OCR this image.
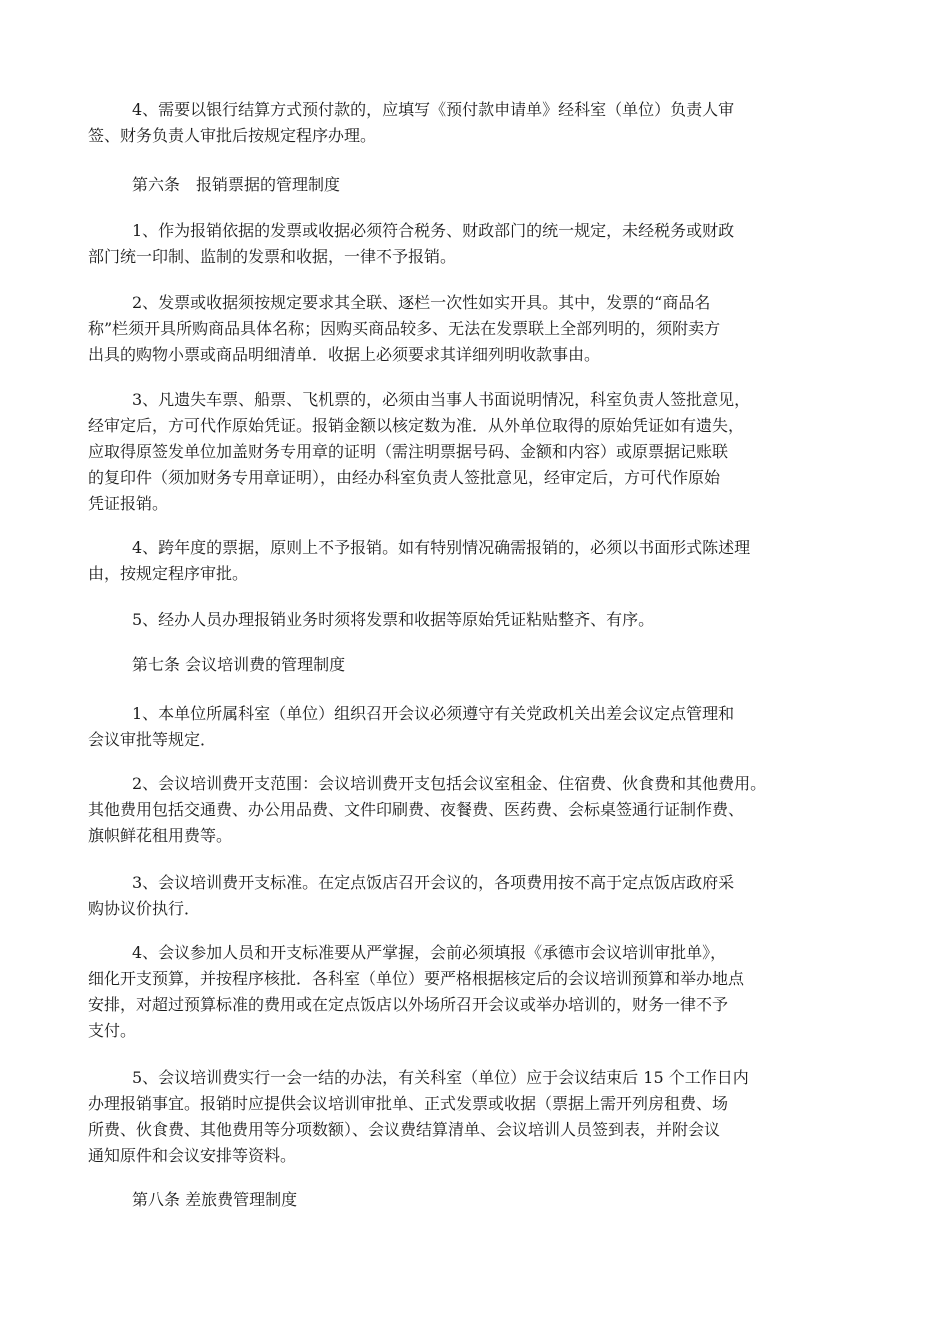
4、需要以银行结算方式预付款的，应填写《预付款申请单》经科室（单位）负责人审
签、财务负责人审批后按规定程序办理。
第六条　报销票据的管理制度
1、作为报销依据的发票或收据必须符合税务、财政部门的统一规定，未经税务或财政
部门统一印制、监制的发票和收据，一律不予报销。
2、发票或收据须按规定要求其全联、逐栏一次性如实开具。其中，发票的“商品名
称”栏须开具所购商品具体名称；因购买商品较多、无法在发票联上全部列明的，须附卖方
出具的购物小票或商品明细清单．收据上必须要求其详细列明收款事由。
3、凡遗失车票、船票、飞机票的，必须由当事人书面说明情况，科室负责人签批意见，
经审定后，方可代作原始凭证。报销金额以核定数为准．从外单位取得的原始凭证如有遗失，
应取得原签发单位加盖财务专用章的证明（需注明票据号码、金额和内容）或原票据记账联
的复印件（须加财务专用章证明），由经办科室负责人签批意见，经审定后，方可代作原始
凭证报销。
4、跨年度的票据，原则上不予报销。如有特别情况确需报销的，必须以书面形式陈述理
由，按规定程序审批。
5、经办人员办理报销业务时须将发票和收据等原始凭证粘贴整齐、有序。
第七条 会议培训费的管理制度
1、本单位所属科室（单位）组织召开会议必须遵守有关党政机关出差会议定点管理和
会议审批等规定．
2、会议培训费开支范围：会议培训费开支包括会议室租金、住宿费、伙食费和其他费用。
其他费用包括交通费、办公用品费、文件印刷费、夜餐费、医药费、会标桌签通行证制作费、
旗帜鲜花租用费等。
3、会议培训费开支标准。在定点饭店召开会议的，各项费用按不高于定点饭店政府采
购协议价执行．
4、会议参加人员和开支标准要从严掌握，会前必须填报《承德市会议培训审批单》，
细化开支预算，并按程序核批．各科室（单位）要严格根据核定后的会议培训预算和举办地点
安排，对超过预算标准的费用或在定点饭店以外场所召开会议或举办培训的，财务一律不予
支付。
5、会议培训费实行一会一结的办法，有关科室（单位）应于会议结束后 15 个工作日内
办理报销事宜。报销时应提供会议培训审批单、正式发票或收据（票据上需开列房租费、场
所费、伙食费、其他费用等分项数额）、会议费结算清单、会议培训人员签到表，并附会议
通知原件和会议安排等资料。
第八条 差旅费管理制度
